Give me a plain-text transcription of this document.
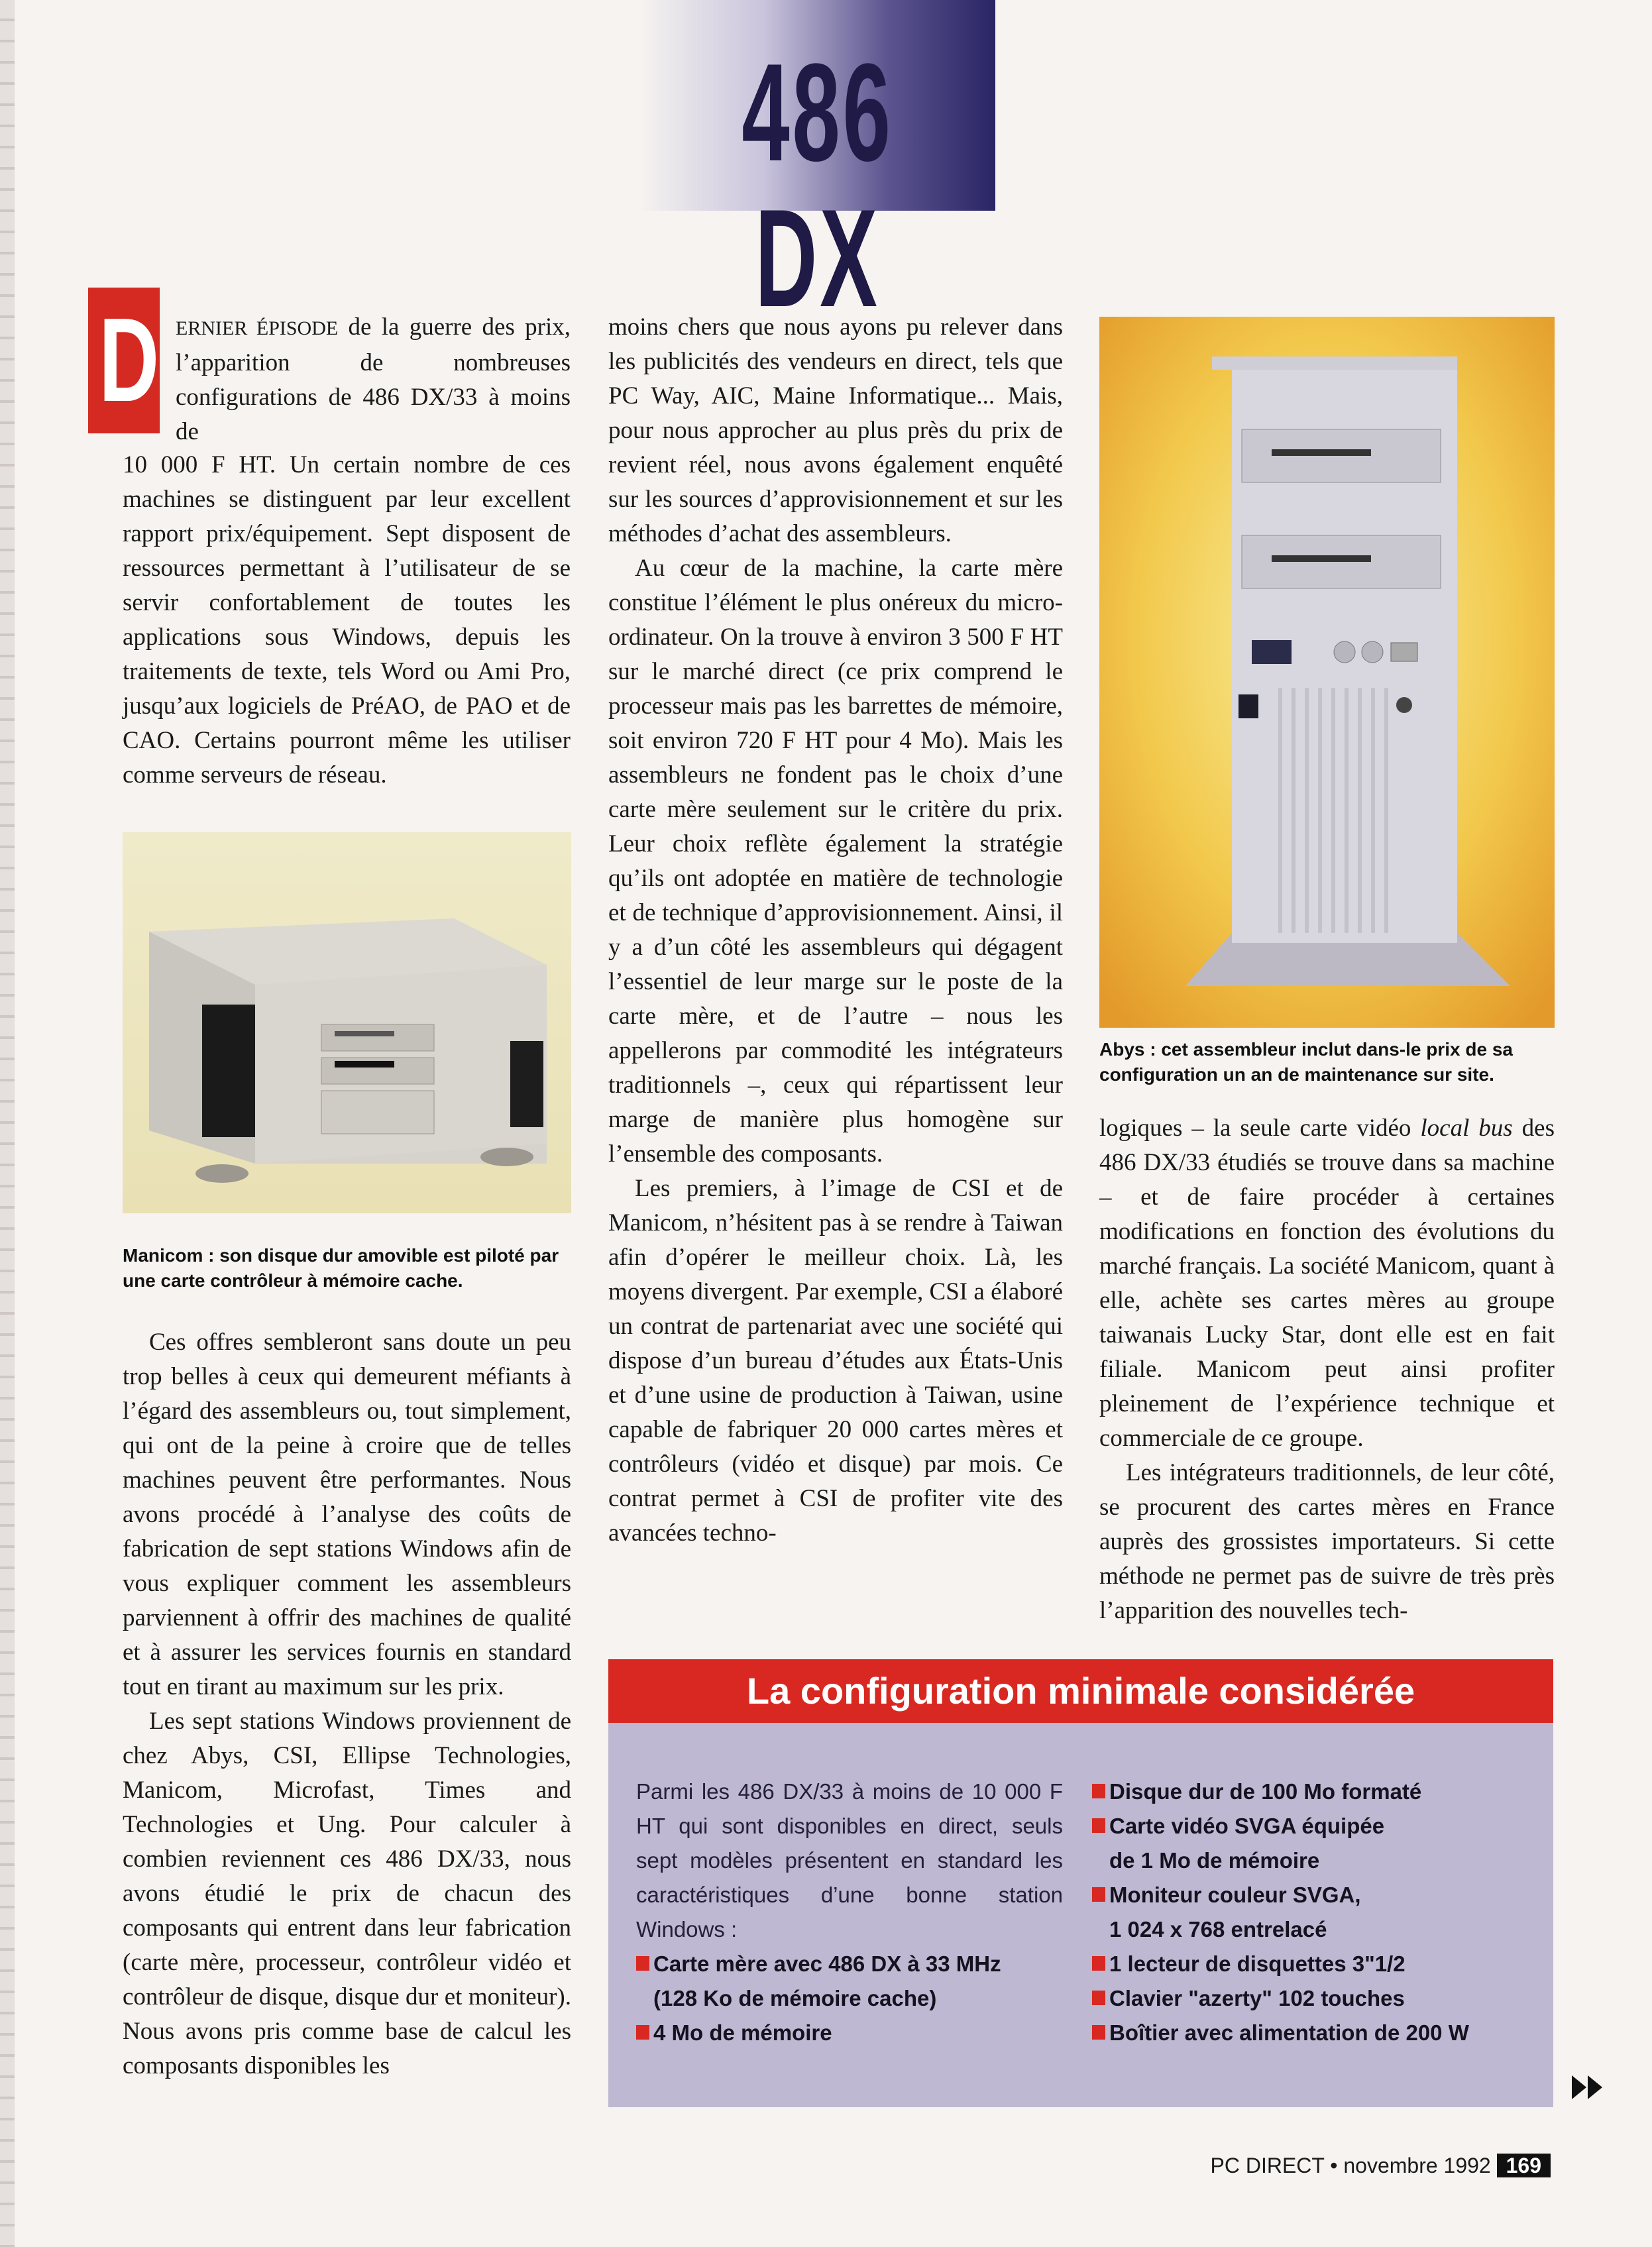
486 DX
D ERNIER ÉPISODE de la guerre des prix, l’apparition de nombreuses configurations de 486 DX/33 à moins de

10 000 F HT. Un certain nombre de ces machines se distinguent par leur excellent rapport prix/équipement. Sept disposent de ressources permettant à l’utilisateur de se servir confortablement de toutes les applications sous Windows, depuis les traitements de texte, tels Word ou Ami Pro, jusqu’aux logiciels de PréAO, de PAO et de CAO. Certains pourront même les utiliser comme serveurs de réseau.

Manicom : son disque dur amovible est piloté par une carte contrôleur à mémoire cache.
Abys : cet assembleur inclut dans-le prix de sa configuration un an de maintenance sur site.

Ces offres sembleront sans doute un peu trop belles à ceux qui demeurent méfiants à l’égard des assembleurs ou, tout simplement, qui ont de la peine à croire que de telles machines peuvent être performantes. Nous avons procédé à l’analyse des coûts de fabrication de sept stations Windows afin de vous expliquer comment les assembleurs parviennent à offrir des machines de qualité et à assurer les services fournis en standard tout en tirant au maximum sur les prix.

Les sept stations Windows proviennent de chez Abys, CSI, Ellipse Technologies, Manicom, Microfast, Times and Technologies et Ung. Pour calculer à combien reviennent ces 486 DX/33, nous avons étudié le prix de chacun des composants qui entrent dans leur fabrication (carte mère, processeur, contrôleur vidéo et contrôleur de disque, disque dur et moniteur). Nous avons pris comme base de calcul les composants disponibles les

moins chers que nous ayons pu relever dans les publicités des vendeurs en direct, tels que PC Way, AIC, Maine Informatique... Mais, pour nous approcher au plus près du prix de revient réel, nous avons également enquêté sur les sources d’approvisionnement et sur les méthodes d’achat des assembleurs.

Au cœur de la machine, la carte mère constitue l’élément le plus onéreux du micro-ordinateur. On la trouve à environ 3 500 F HT sur le marché direct (ce prix comprend le processeur mais pas les barrettes de mémoire, soit environ 720 F HT pour 4 Mo). Mais les assembleurs ne fondent pas le choix d’une carte mère seulement sur le critère du prix. Leur choix reflète également la stratégie qu’ils ont adoptée en matière de technologie et de technique d’approvisionnement. Ainsi, il y a d’un côté les assembleurs qui dégagent l’essentiel de leur marge sur le poste de la carte mère, et de l’autre – nous les appellerons par commodité les intégrateurs traditionnels –, ceux qui répartissent leur marge de manière plus homogène sur l’ensemble des composants.

Les premiers, à l’image de CSI et de Manicom, n’hésitent pas à se rendre à Taiwan afin d’opérer le meilleur choix. Là, les moyens divergent. Par exemple, CSI a élaboré un contrat de partenariat avec une société qui dispose d’un bureau d’études aux États-Unis et d’une usine de production à Taiwan, usine capable de fabriquer 20 000 cartes mères et contrôleurs (vidéo et disque) par mois. Ce contrat permet à CSI de profiter vite des avancées techno-

logiques – la seule carte vidéo local bus des 486 DX/33 étudiés se trouve dans sa machine – et de faire procéder à certaines modifications en fonction des évolutions du marché français. La société Manicom, quant à elle, achète ses cartes mères au groupe taiwanais Lucky Star, dont elle est en fait filiale. Manicom peut ainsi profiter pleinement de l’expérience technique et commerciale de ce groupe.

Les intégrateurs traditionnels, de leur côté, se procurent des cartes mères en France auprès des grossistes importateurs. Si cette méthode ne permet pas de suivre de très près l’apparition des nouvelles tech-

La configuration minimale considérée
Parmi les 486 DX/33 à moins de 10 000 F HT qui sont disponibles en direct, seuls sept modèles présentent en standard les caractéristiques d’une bonne station Windows :
Carte mère avec 486 DX à 33 MHz
(128 Ko de mémoire cache)
4 Mo de mémoire
Disque dur de 100 Mo formaté
Carte vidéo SVGA équipée
de 1 Mo de mémoire
Moniteur couleur SVGA,
1 024 x 768 entrelacé
1 lecteur de disquettes 3"1/2
Clavier "azerty" 102 touches
Boîtier avec alimentation de 200 W
PC DIRECT • novembre 1992 169
